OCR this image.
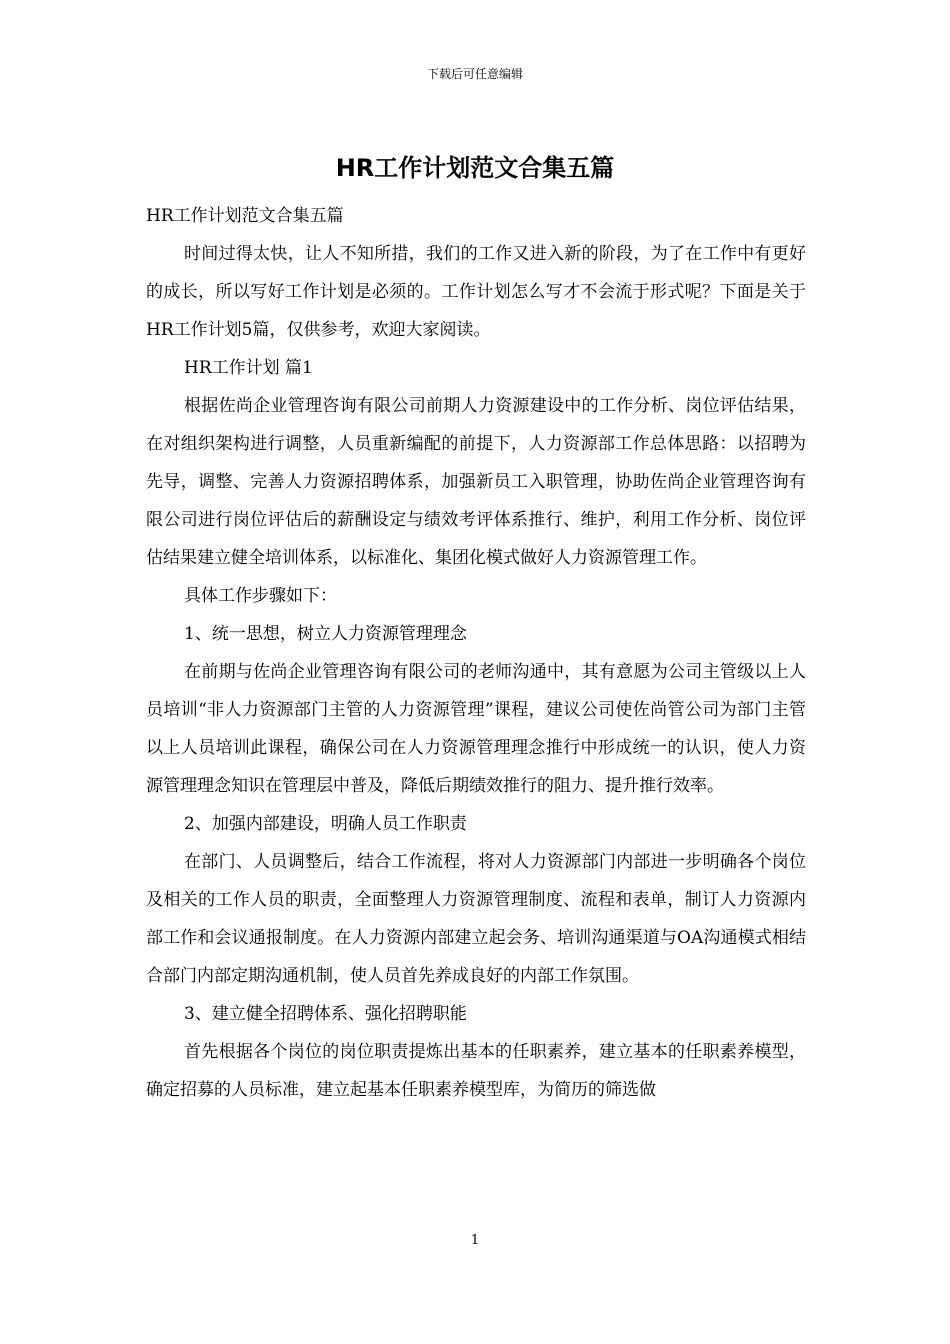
下载后可任意编辑
HR工作计划范文合集五篇

HR工作计划范文合集五篇

时间过得太快，让人不知所措，我们的工作又进入新的阶段，为了在工作中有更好的成长，所以写好工作计划是必须的。工作计划怎么写才不会流于形式呢？下面是关于HR工作计划5篇，仅供参考，欢迎大家阅读。

HR工作计划 篇1

根据佐尚企业管理咨询有限公司前期人力资源建设中的工作分析、岗位评估结果，在对组织架构进行调整，人员重新编配的前提下，人力资源部工作总体思路：以招聘为先导，调整、完善人力资源招聘体系，加强新员工入职管理，协助佐尚企业管理咨询有限公司进行岗位评估后的薪酬设定与绩效考评体系推行、维护，利用工作分析、岗位评估结果建立健全培训体系，以标准化、集团化模式做好人力资源管理工作。

具体工作步骤如下：

1、统一思想，树立人力资源管理理念

在前期与佐尚企业管理咨询有限公司的老师沟通中，其有意愿为公司主管级以上人员培训“非人力资源部门主管的人力资源管理”课程，建议公司使佐尚管公司为部门主管以上人员培训此课程，确保公司在人力资源管理理念推行中形成统一的认识，使人力资源管理理念知识在管理层中普及，降低后期绩效推行的阻力、提升推行效率。

2、加强内部建设，明确人员工作职责

在部门、人员调整后，结合工作流程，将对人力资源部门内部进一步明确各个岗位及相关的工作人员的职责，全面整理人力资源管理制度、流程和表单，制订人力资源内部工作和会议通报制度。在人力资源内部建立起会务、培训沟通渠道与OA沟通模式相结合部门内部定期沟通机制，使人员首先养成良好的内部工作氛围。

3、建立健全招聘体系、强化招聘职能

首先根据各个岗位的岗位职责提炼出基本的任职素养，建立基本的任职素养模型，确定招募的人员标准，建立起基本任职素养模型库，为简历的筛选做

1
